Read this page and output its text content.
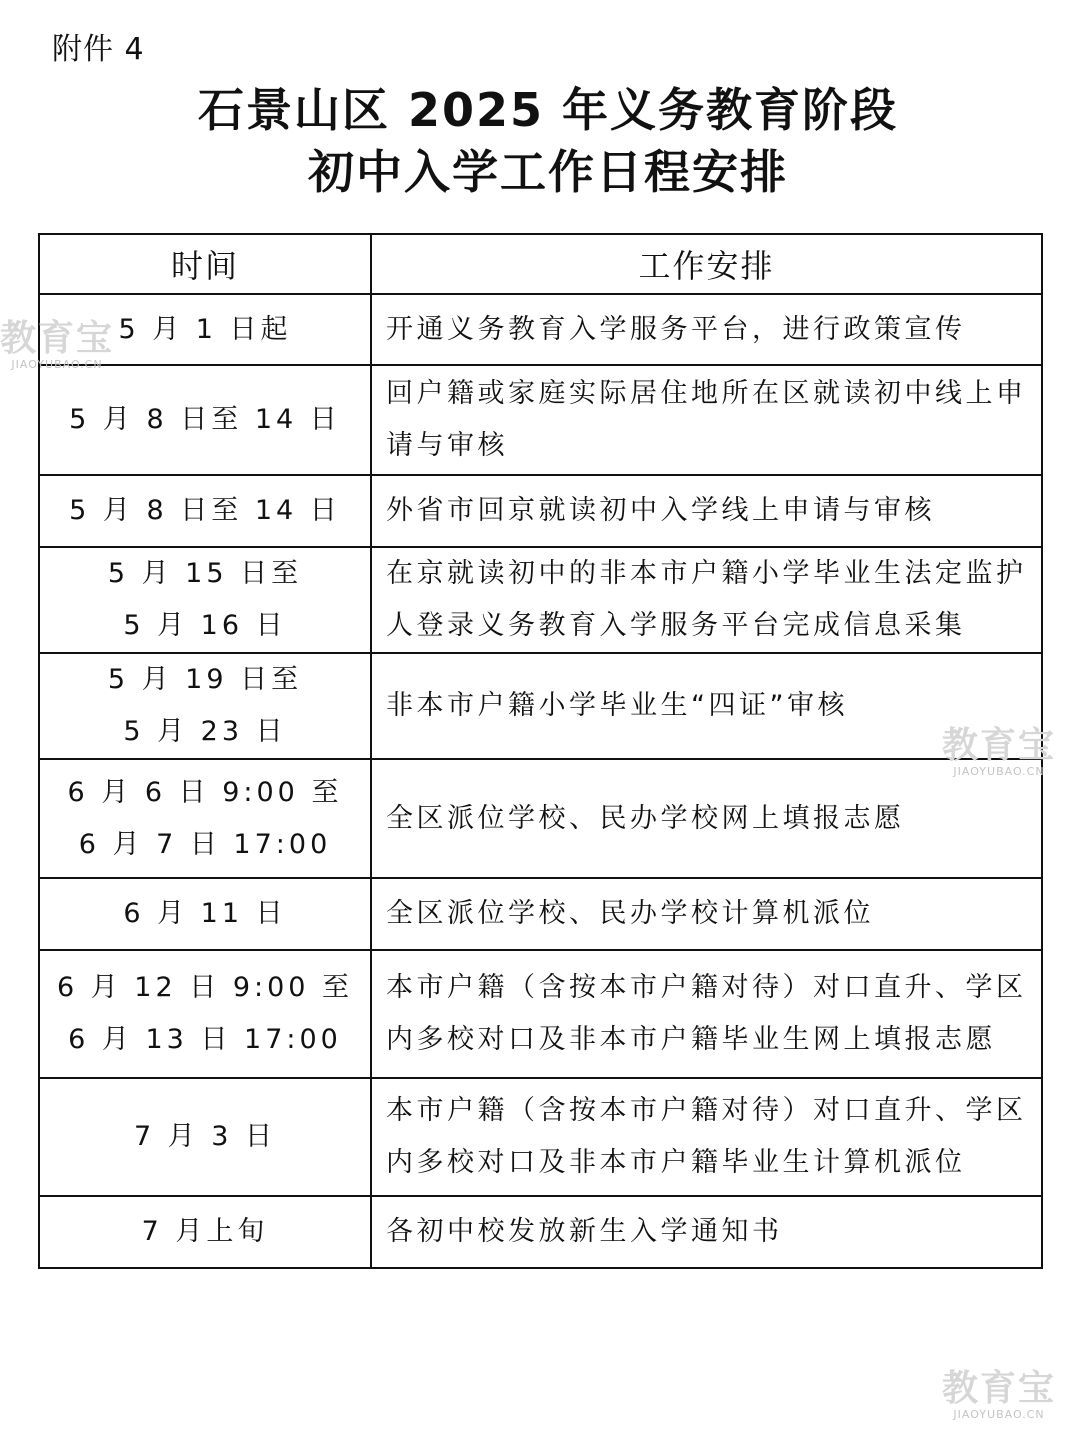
附件 4
石景山区 2025 年义务教育阶段
初中入学工作日程安排
时间	工作安排

5 月 1 日起	开通义务教育入学服务平台，进行政策宣传

5 月 8 日至 14 日	回户籍或家庭实际居住地所在区就读初中线上申请与审核

5 月 8 日至 14 日	外省市回京就读初中入学线上申请与审核

5 月 15 日至
5 月 16 日	在京就读初中的非本市户籍小学毕业生法定监护人登录义务教育入学服务平台完成信息采集

5 月 19 日至
5 月 23 日	非本市户籍小学毕业生“四证”审核

6 月 6 日 9:00 至
6 月 7 日 17:00	全区派位学校、民办学校网上填报志愿

6 月 11 日	全区派位学校、民办学校计算机派位

6 月 12 日 9:00 至
6 月 13 日 17:00	本市户籍（含按本市户籍对待）对口直升、学区内多校对口及非本市户籍毕业生网上填报志愿

7 月 3 日	本市户籍（含按本市户籍对待）对口直升、学区内多校对口及非本市户籍毕业生计算机派位

7 月上旬	各初中校发放新生入学通知书
教育宝
JIAOYUBAO.CN
教育宝
JIAOYUBAO.CN
教育宝
JIAOYUBAO.CN
